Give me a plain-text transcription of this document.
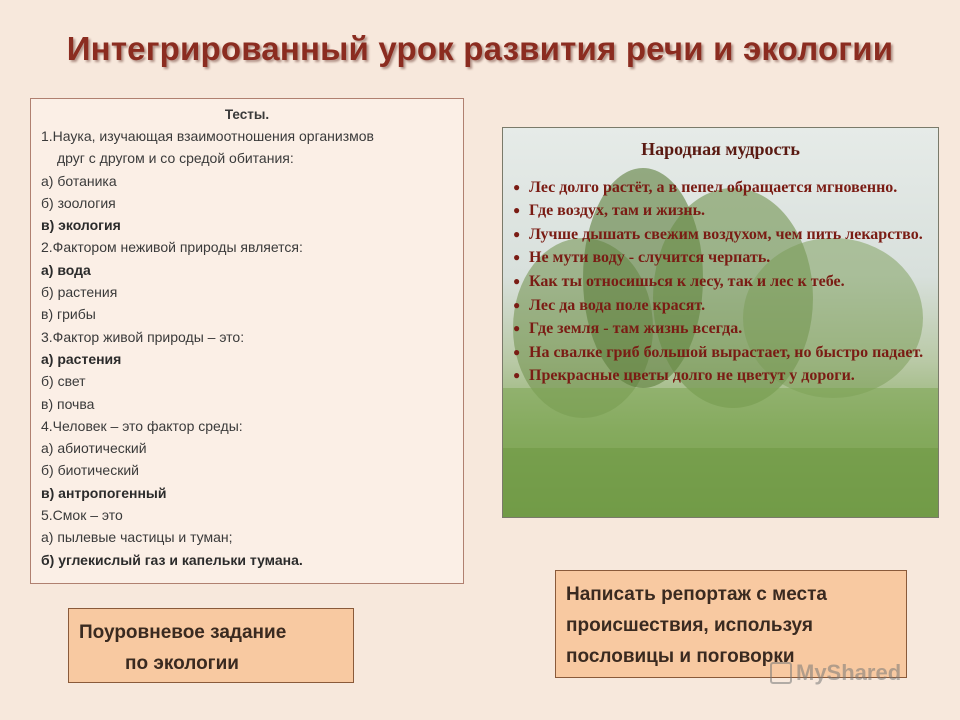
Интегрированный урок развития речи и экологии
Тесты.
1.Наука, изучающая взаимоотношения организмов
друг с другом и со средой обитания:
а) ботаника
б) зоология
в) экология
2.Фактором неживой природы является:
а) вода
б) растения
в) грибы
3.Фактор живой природы – это:
а) растения
б) свет
в) почва
4.Человек – это фактор среды:
а) абиотический
б) биотический
в) антропогенный
5.Смок – это
а) пылевые частицы и туман;
б) углекислый газ и капельки тумана.
Народная мудрость
● Лес долго растёт, а в пепел обращается мгновенно.
● Где воздух, там и жизнь.
● Лучше дышать свежим воздухом, чем пить лекарство.
● Не мути воду - случится черпать.
● Как ты относишься к лесу, так и лес к тебе.
● Лес да вода поле красят.
● Где земля - там жизнь всегда.
● На свалке гриб большой вырастает, но быстро падает.
● Прекрасные цветы долго не цветут у дороги.
Поуровневое задание
по экологии
Написать репортаж с места происшествия, используя пословицы и поговорки
MyShared
